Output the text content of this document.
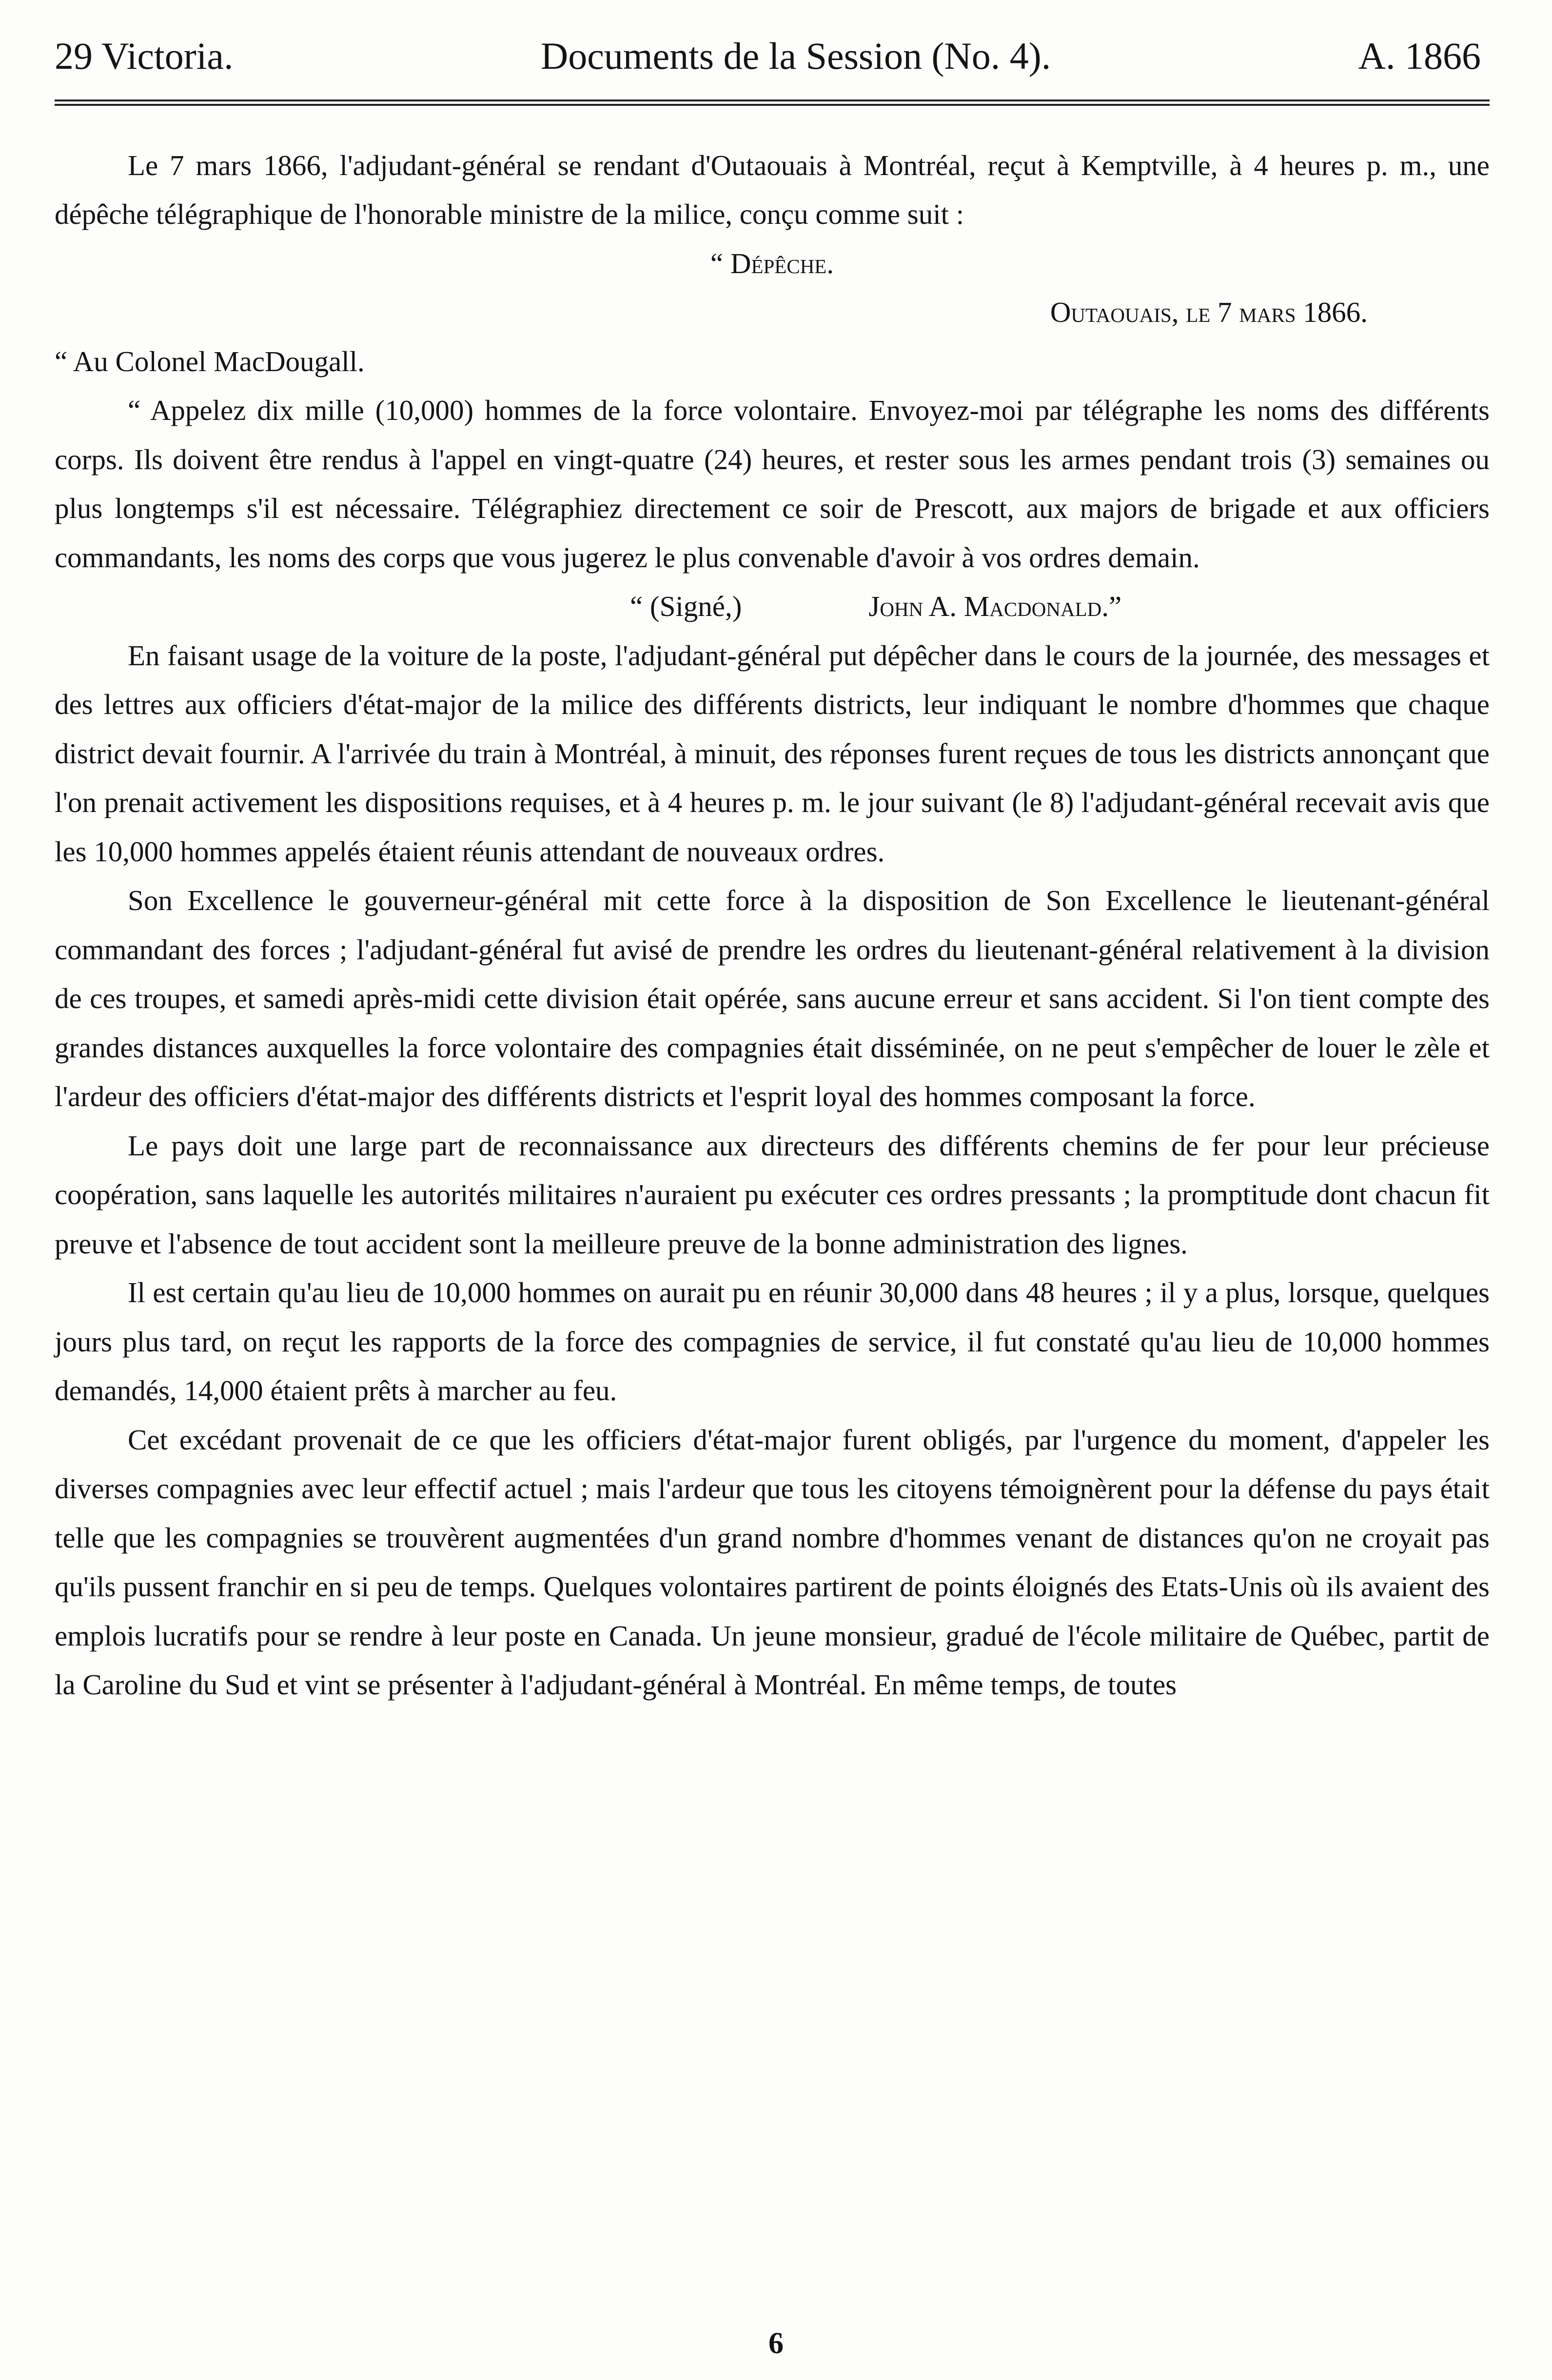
29 Victoria.	Documents de la Session (No. 4).	A. 1866

Le 7 mars 1866, l'adjudant-général se rendant d'Outaouais à Montréal, reçut à Kemptville, à 4 heures p. m., une dépêche télégraphique de l'honorable ministre de la milice, conçu comme suit :

“ Dépêche.

Outaouais, le 7 mars 1866.

“ Au Colonel MacDougall.

“ Appelez dix mille (10,000) hommes de la force volontaire. Envoyez-moi par télégraphe les noms des différents corps. Ils doivent être rendus à l'appel en vingt-quatre (24) heures, et rester sous les armes pendant trois (3) semaines ou plus longtemps s'il est nécessaire. Télégraphiez directement ce soir de Prescott, aux majors de brigade et aux officiers commandants, les noms des corps que vous jugerez le plus convenable d'avoir à vos ordres demain.

“ (Signé,)	John A. Macdonald.”

En faisant usage de la voiture de la poste, l'adjudant-général put dépêcher dans le cours de la journée, des messages et des lettres aux officiers d'état-major de la milice des différents districts, leur indiquant le nombre d'hommes que chaque district devait fournir. A l'arrivée du train à Montréal, à minuit, des réponses furent reçues de tous les districts annonçant que l'on prenait activement les dispositions requises, et à 4 heures p. m. le jour suivant (le 8) l'adjudant-général recevait avis que les 10,000 hommes appelés étaient réunis attendant de nouveaux ordres.

Son Excellence le gouverneur-général mit cette force à la disposition de Son Excellence le lieutenant-général commandant des forces ; l'adjudant-général fut avisé de prendre les ordres du lieutenant-général relativement à la division de ces troupes, et samedi après-midi cette division était opérée, sans aucune erreur et sans accident. Si l'on tient compte des grandes distances auxquelles la force volontaire des compagnies était disséminée, on ne peut s'empêcher de louer le zèle et l'ardeur des officiers d'état-major des différents districts et l'esprit loyal des hommes composant la force.

Le pays doit une large part de reconnaissance aux directeurs des différents chemins de fer pour leur précieuse coopération, sans laquelle les autorités militaires n'auraient pu exécuter ces ordres pressants ; la promptitude dont chacun fit preuve et l'absence de tout accident sont la meilleure preuve de la bonne administration des lignes.

Il est certain qu'au lieu de 10,000 hommes on aurait pu en réunir 30,000 dans 48 heures ; il y a plus, lorsque, quelques jours plus tard, on reçut les rapports de la force des compagnies de service, il fut constaté qu'au lieu de 10,000 hommes demandés, 14,000 étaient prêts à marcher au feu.

Cet excédant provenait de ce que les officiers d'état-major furent obligés, par l'urgence du moment, d'appeler les diverses compagnies avec leur effectif actuel ; mais l'ardeur que tous les citoyens témoignèrent pour la défense du pays était telle que les compagnies se trouvèrent augmentées d'un grand nombre d'hommes venant de distances qu'on ne croyait pas qu'ils pussent franchir en si peu de temps. Quelques volontaires partirent de points éloignés des Etats-Unis où ils avaient des emplois lucratifs pour se rendre à leur poste en Canada. Un jeune monsieur, gradué de l'école militaire de Québec, partit de la Caroline du Sud et vint se présenter à l'adjudant-général à Montréal. En même temps, de toutes

6
